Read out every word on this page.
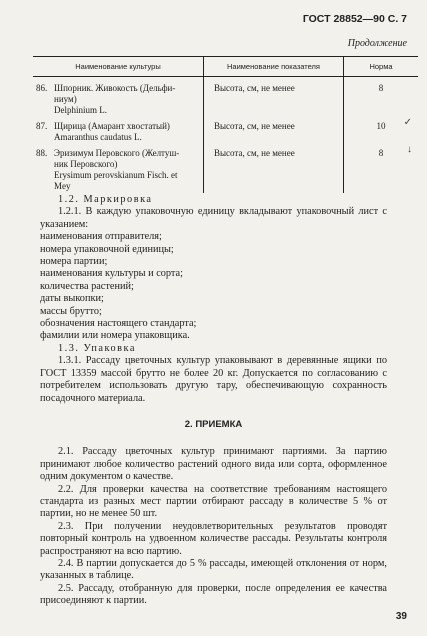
ГОСТ 28852—90 С. 7
Продолжение
Наименование культуры	Наименование показателя	Норма
86. Шпорник. Живокость (Дельфи-
ниум)
Delphinium L.	Высота, см, не менее	8
87. Щирица (Амарант хвостатый)
Amaranthus caudatus L.	Высота, см, не менее	10 ✓

88. Эризимум Перовского (Желтуш-
ник Перовского)
Erysimum perovskianum Fisch. et
Mey	Высота, см, не менее	8 ↓

1.2. Маркировка

1.2.1. В каждую упаковочную единицу вкладывают упаковочный лист с указанием:

наименования отправителя;

номера упаковочной единицы;

номера партии;

наименования культуры и сорта;

количества растений;

даты выкопки;

массы брутто;

обозначения настоящего стандарта;

фамилии или номера упаковщика.

1.3. Упаковка

1.3.1. Рассаду цветочных культур упаковывают в деревянные ящики по ГОСТ 13359 массой брутто не более 20 кг. Допускается по согласованию с потребителем использовать другую тару, обеспечивающую сохранность посадочного материала.

2. ПРИЕМКА

2.1. Рассаду цветочных культур принимают партиями. За партию принимают любое количество растений одного вида или сорта, оформленное одним документом о качестве.

2.2. Для проверки качества на соответствие требованиям настоящего стандарта из разных мест партии отбирают рассаду в количестве 5 % от партии, но не менее 50 шт.

2.3. При получении неудовлетворительных результатов проводят повторный контроль на удвоенном количестве рассады. Результаты контроля распространяют на всю партию.

2.4. В партии допускается до 5 % рассады, имеющей отклонения от норм, указанных в таблице.

2.5. Рассаду, отобранную для проверки, после определения ее качества присоединяют к партии.

39
